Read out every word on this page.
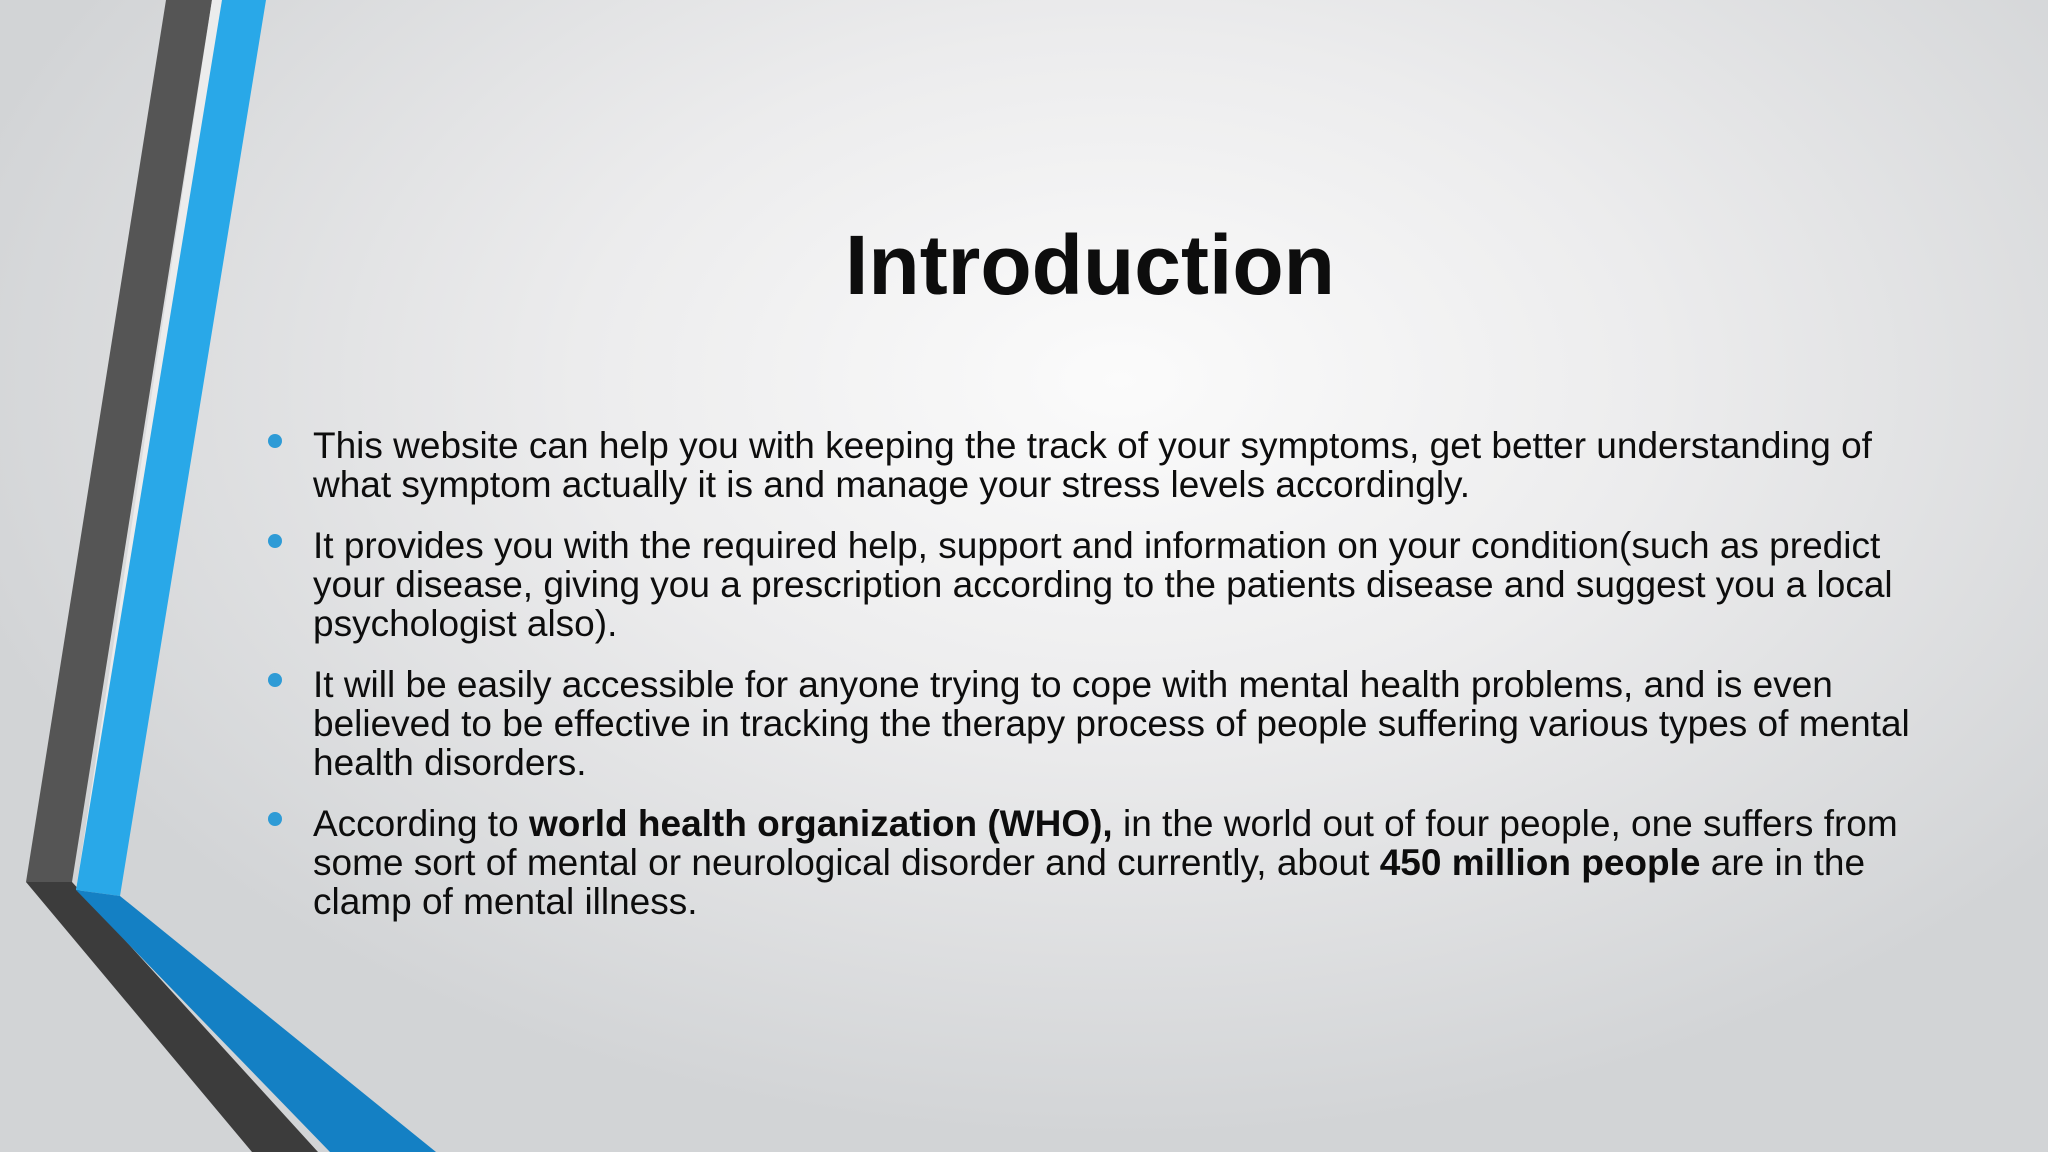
Introduction
This website can help you with keeping the track of your symptoms, get better understanding of what symptom actually it is and manage your stress levels accordingly.
It provides you with the required help, support and information on your condition(such as predict your disease, giving you a prescription according to the patients disease and suggest you a local psychologist also).
It will be easily accessible for anyone trying to cope with mental health problems, and is even believed to be effective in tracking the therapy process of people suffering various types of mental health disorders.
According to world health organization (WHO), in the world out of four people, one suffers from some sort of mental or neurological disorder and currently, about 450 million people are in the clamp of mental illness.
